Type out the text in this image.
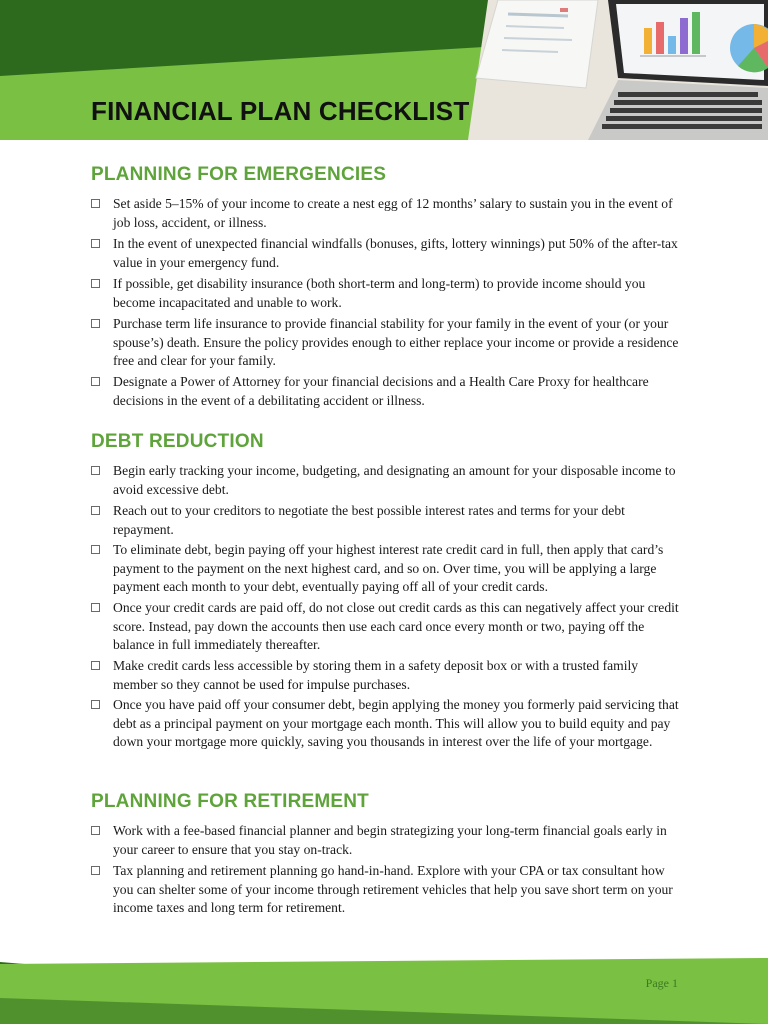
FINANCIAL PLAN CHECKLIST
PLANNING FOR EMERGENCIES
Set aside 5–15% of your income to create a nest egg of 12 months’ salary to sustain you in the event of job loss, accident, or illness.
In the event of unexpected financial windfalls (bonuses, gifts, lottery winnings) put 50% of the after-tax value in your emergency fund.
If possible, get disability insurance (both short-term and long-term) to provide income should you become incapacitated and unable to work.
Purchase term life insurance to provide financial stability for your family in the event of your (or your spouse’s) death. Ensure the policy provides enough to either replace your income or provide a residence free and clear for your family.
Designate a Power of Attorney for your financial decisions and a Health Care Proxy for healthcare decisions in the event of a debilitating accident or illness.
DEBT REDUCTION
Begin early tracking your income, budgeting, and designating an amount for your disposable income to avoid excessive debt.
Reach out to your creditors to negotiate the best possible interest rates and terms for your debt repayment.
To eliminate debt, begin paying off your highest interest rate credit card in full, then apply that card’s payment to the payment on the next highest card, and so on. Over time, you will be applying a large payment each month to your debt, eventually paying off all of your credit cards.
Once your credit cards are paid off, do not close out credit cards as this can negatively affect your credit score. Instead, pay down the accounts then use each card once every month or two, paying off the balance in full immediately thereafter.
Make credit cards less accessible by storing them in a safety deposit box or with a trusted family member so they cannot be used for impulse purchases.
Once you have paid off your consumer debt, begin applying the money you formerly paid servicing that debt as a principal payment on your mortgage each month. This will allow you to build equity and pay down your mortgage more quickly, saving you thousands in interest over the life of your mortgage.
PLANNING FOR RETIREMENT
Work with a fee-based financial planner and begin strategizing your long-term financial goals early in your career to ensure that you stay on-track.
Tax planning and retirement planning go hand-in-hand. Explore with your CPA or tax consultant how you can shelter some of your income through retirement vehicles that help you save short term on your income taxes and long term for retirement.
Page 1
